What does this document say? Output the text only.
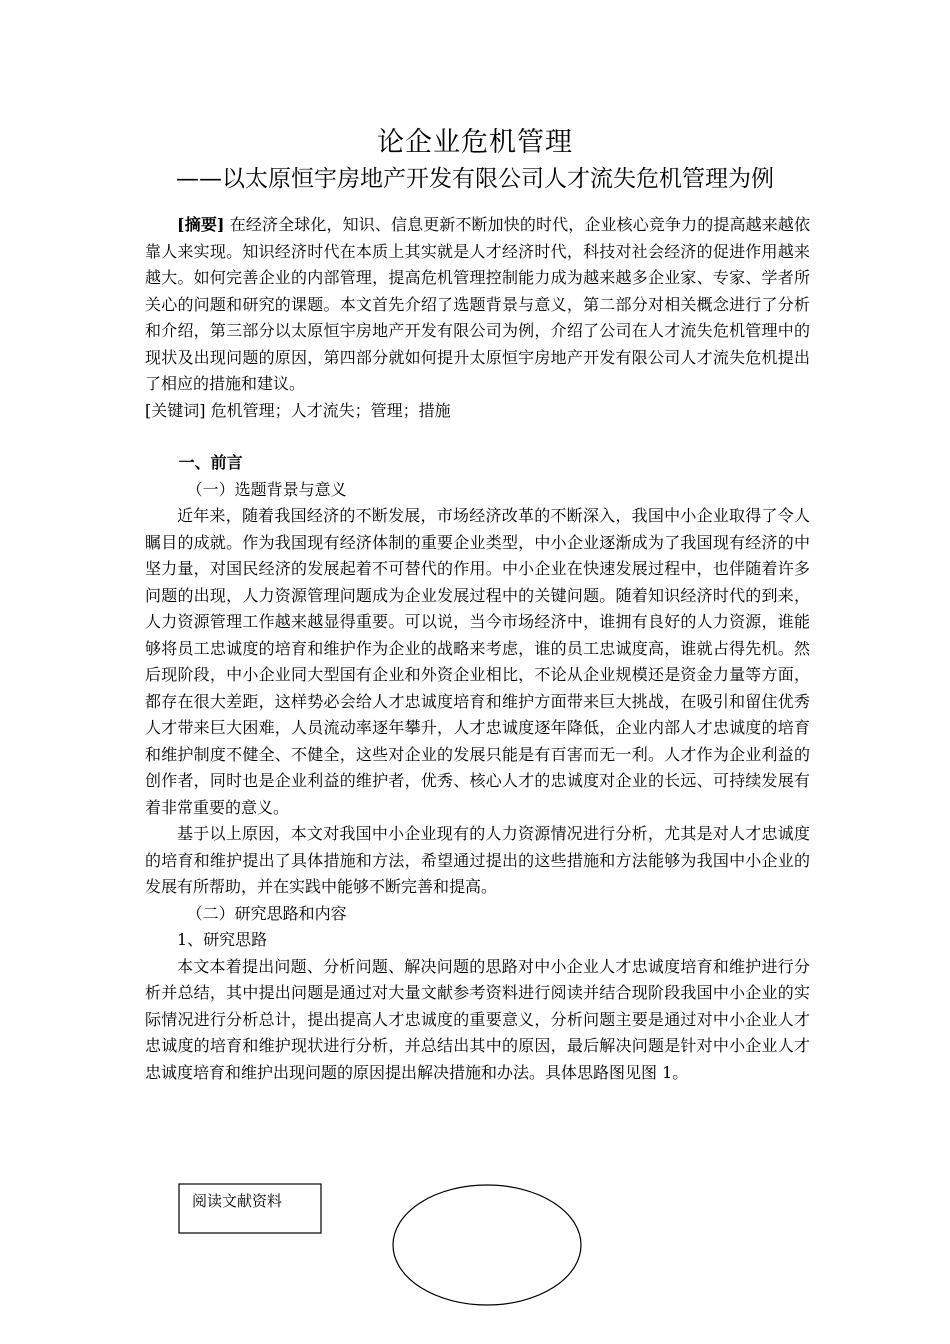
论企业危机管理
——以太原恒宇房地产开发有限公司人才流失危机管理为例

[摘要] 在经济全球化，知识、信息更新不断加快的时代，企业核心竞争力的提高越来越依靠人来实现。知识经济时代在本质上其实就是人才经济时代，科技对社会经济的促进作用越来越大。如何完善企业的内部管理，提高危机管理控制能力成为越来越多企业家、专家、学者所关心的问题和研究的课题。本文首先介绍了选题背景与意义，第二部分对相关概念进行了分析和介绍，第三部分以太原恒宇房地产开发有限公司为例，介绍了公司在人才流失危机管理中的现状及出现问题的原因，第四部分就如何提升太原恒宇房地产开发有限公司人才流失危机提出了相应的措施和建议。

[关键词] 危机管理；人才流失；管理；措施

一、前言

（一）选题背景与意义

近年来，随着我国经济的不断发展，市场经济改革的不断深入，我国中小企业取得了令人瞩目的成就。作为我国现有经济体制的重要企业类型，中小企业逐渐成为了我国现有经济的中坚力量，对国民经济的发展起着不可替代的作用。中小企业在快速发展过程中，也伴随着许多问题的出现，人力资源管理问题成为企业发展过程中的关键问题。随着知识经济时代的到来，人力资源管理工作越来越显得重要。可以说，当今市场经济中，谁拥有良好的人力资源，谁能够将员工忠诚度的培育和维护作为企业的战略来考虑，谁的员工忠诚度高，谁就占得先机。然后现阶段，中小企业同大型国有企业和外资企业相比，不论从企业规模还是资金力量等方面，都存在很大差距，这样势必会给人才忠诚度培育和维护方面带来巨大挑战，在吸引和留住优秀人才带来巨大困难，人员流动率逐年攀升，人才忠诚度逐年降低，企业内部人才忠诚度的培育和维护制度不健全、不健全，这些对企业的发展只能是有百害而无一利。人才作为企业利益的创作者，同时也是企业利益的维护者，优秀、核心人才的忠诚度对企业的长远、可持续发展有着非常重要的意义。

基于以上原因，本文对我国中小企业现有的人力资源情况进行分析，尤其是对人才忠诚度的培育和维护提出了具体措施和方法，希望通过提出的这些措施和方法能够为我国中小企业的发展有所帮助，并在实践中能够不断完善和提高。

（二）研究思路和内容

1、研究思路

本文本着提出问题、分析问题、解决问题的思路对中小企业人才忠诚度培育和维护进行分析并总结，其中提出问题是通过对大量文献参考资料进行阅读并结合现阶段我国中小企业的实际情况进行分析总计，提出提高人才忠诚度的重要意义，分析问题主要是通过对中小企业人才忠诚度的培育和维护现状进行分析，并总结出其中的原因，最后解决问题是针对中小企业人才忠诚度培育和维护出现问题的原因提出解决措施和办法。具体思路图见图 1。

阅读文献资料
